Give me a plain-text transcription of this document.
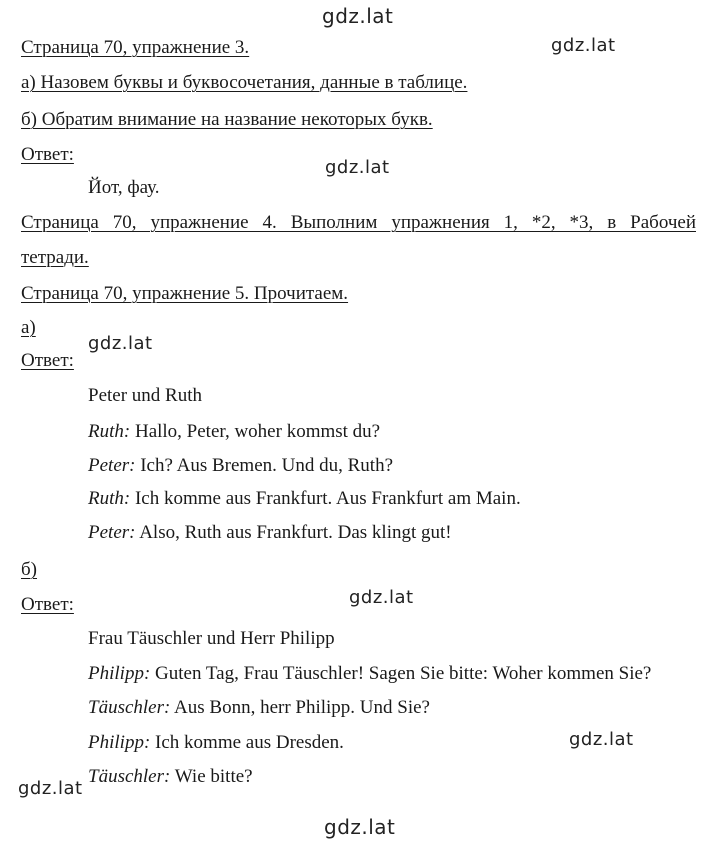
gdz.lat
gdz.lat
gdz.lat
gdz.lat
gdz.lat
gdz.lat
gdz.lat
gdz.lat
Страница 70, упражнение 3.
а) Назовем буквы и буквосочетания, данные в таблице.
б) Обратим внимание на название некоторых букв.
Ответ:
Йот, фау.
Страница 70, упражнение 4. Выполним упражнения 1, *2, *3, в Рабочей
тетради.
Страница 70, упражнение 5. Прочитаем.
а)
Ответ:
Peter und Ruth
Ruth: Hallo, Peter, woher kommst du?
Peter: Ich? Aus Bremen. Und du, Ruth?
Ruth: Ich komme aus Frankfurt. Aus Frankfurt am Main.
Peter: Also, Ruth aus Frankfurt. Das klingt gut!
б)
Ответ:
Frau Täuschler und Herr Philipp
Philipp: Guten Tag, Frau Täuschler! Sagen Sie bitte: Woher kommen Sie?
Täuschler: Aus Bonn, herr Philipp. Und Sie?
Philipp: Ich komme aus Dresden.
Täuschler: Wie bitte?
